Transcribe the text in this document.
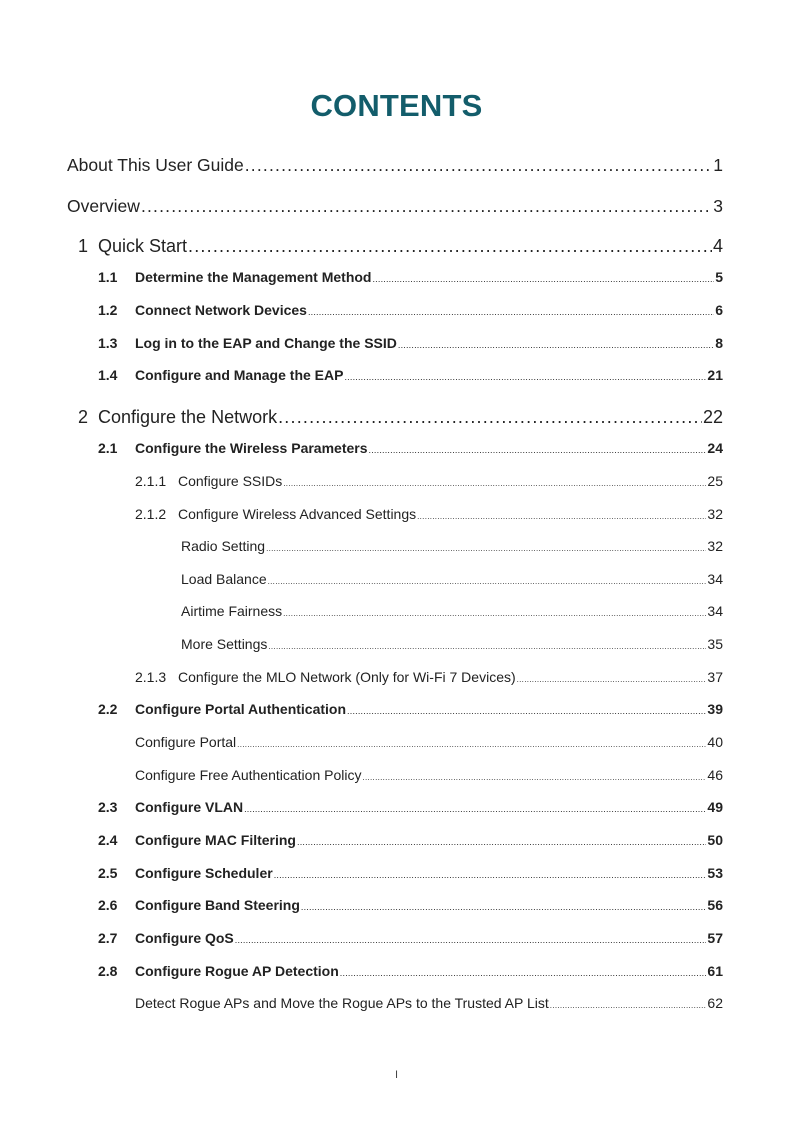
CONTENTS
About This User Guide .....	1
Overview .....	3
1 Quick Start .....	4
1.1	Determine the Management Method .....	5
1.2	Connect Network Devices .....	6
1.3	Log in to the EAP and Change the SSID .....	8
1.4	Configure and Manage the EAP .....	21
2 Configure the Network .....	22
2.1	Configure the Wireless Parameters .....	24
2.1.1 Configure SSIDs .....	25
2.1.2 Configure Wireless Advanced Settings .....	32
Radio Setting .....	32
Load Balance .....	34
Airtime Fairness .....	34
More Settings .....	35
2.1.3 Configure the MLO Network (Only for Wi-Fi 7 Devices) .....	37
2.2	Configure Portal Authentication .....	39
Configure Portal .....	40
Configure Free Authentication Policy .....	46
2.3	Configure VLAN .....	49
2.4	Configure MAC Filtering .....	50
2.5	Configure Scheduler .....	53
2.6	Configure Band Steering .....	56
2.7	Configure QoS .....	57
2.8	Configure Rogue AP Detection .....	61
Detect Rogue APs and Move the Rogue APs to the Trusted AP List .....	62
I
